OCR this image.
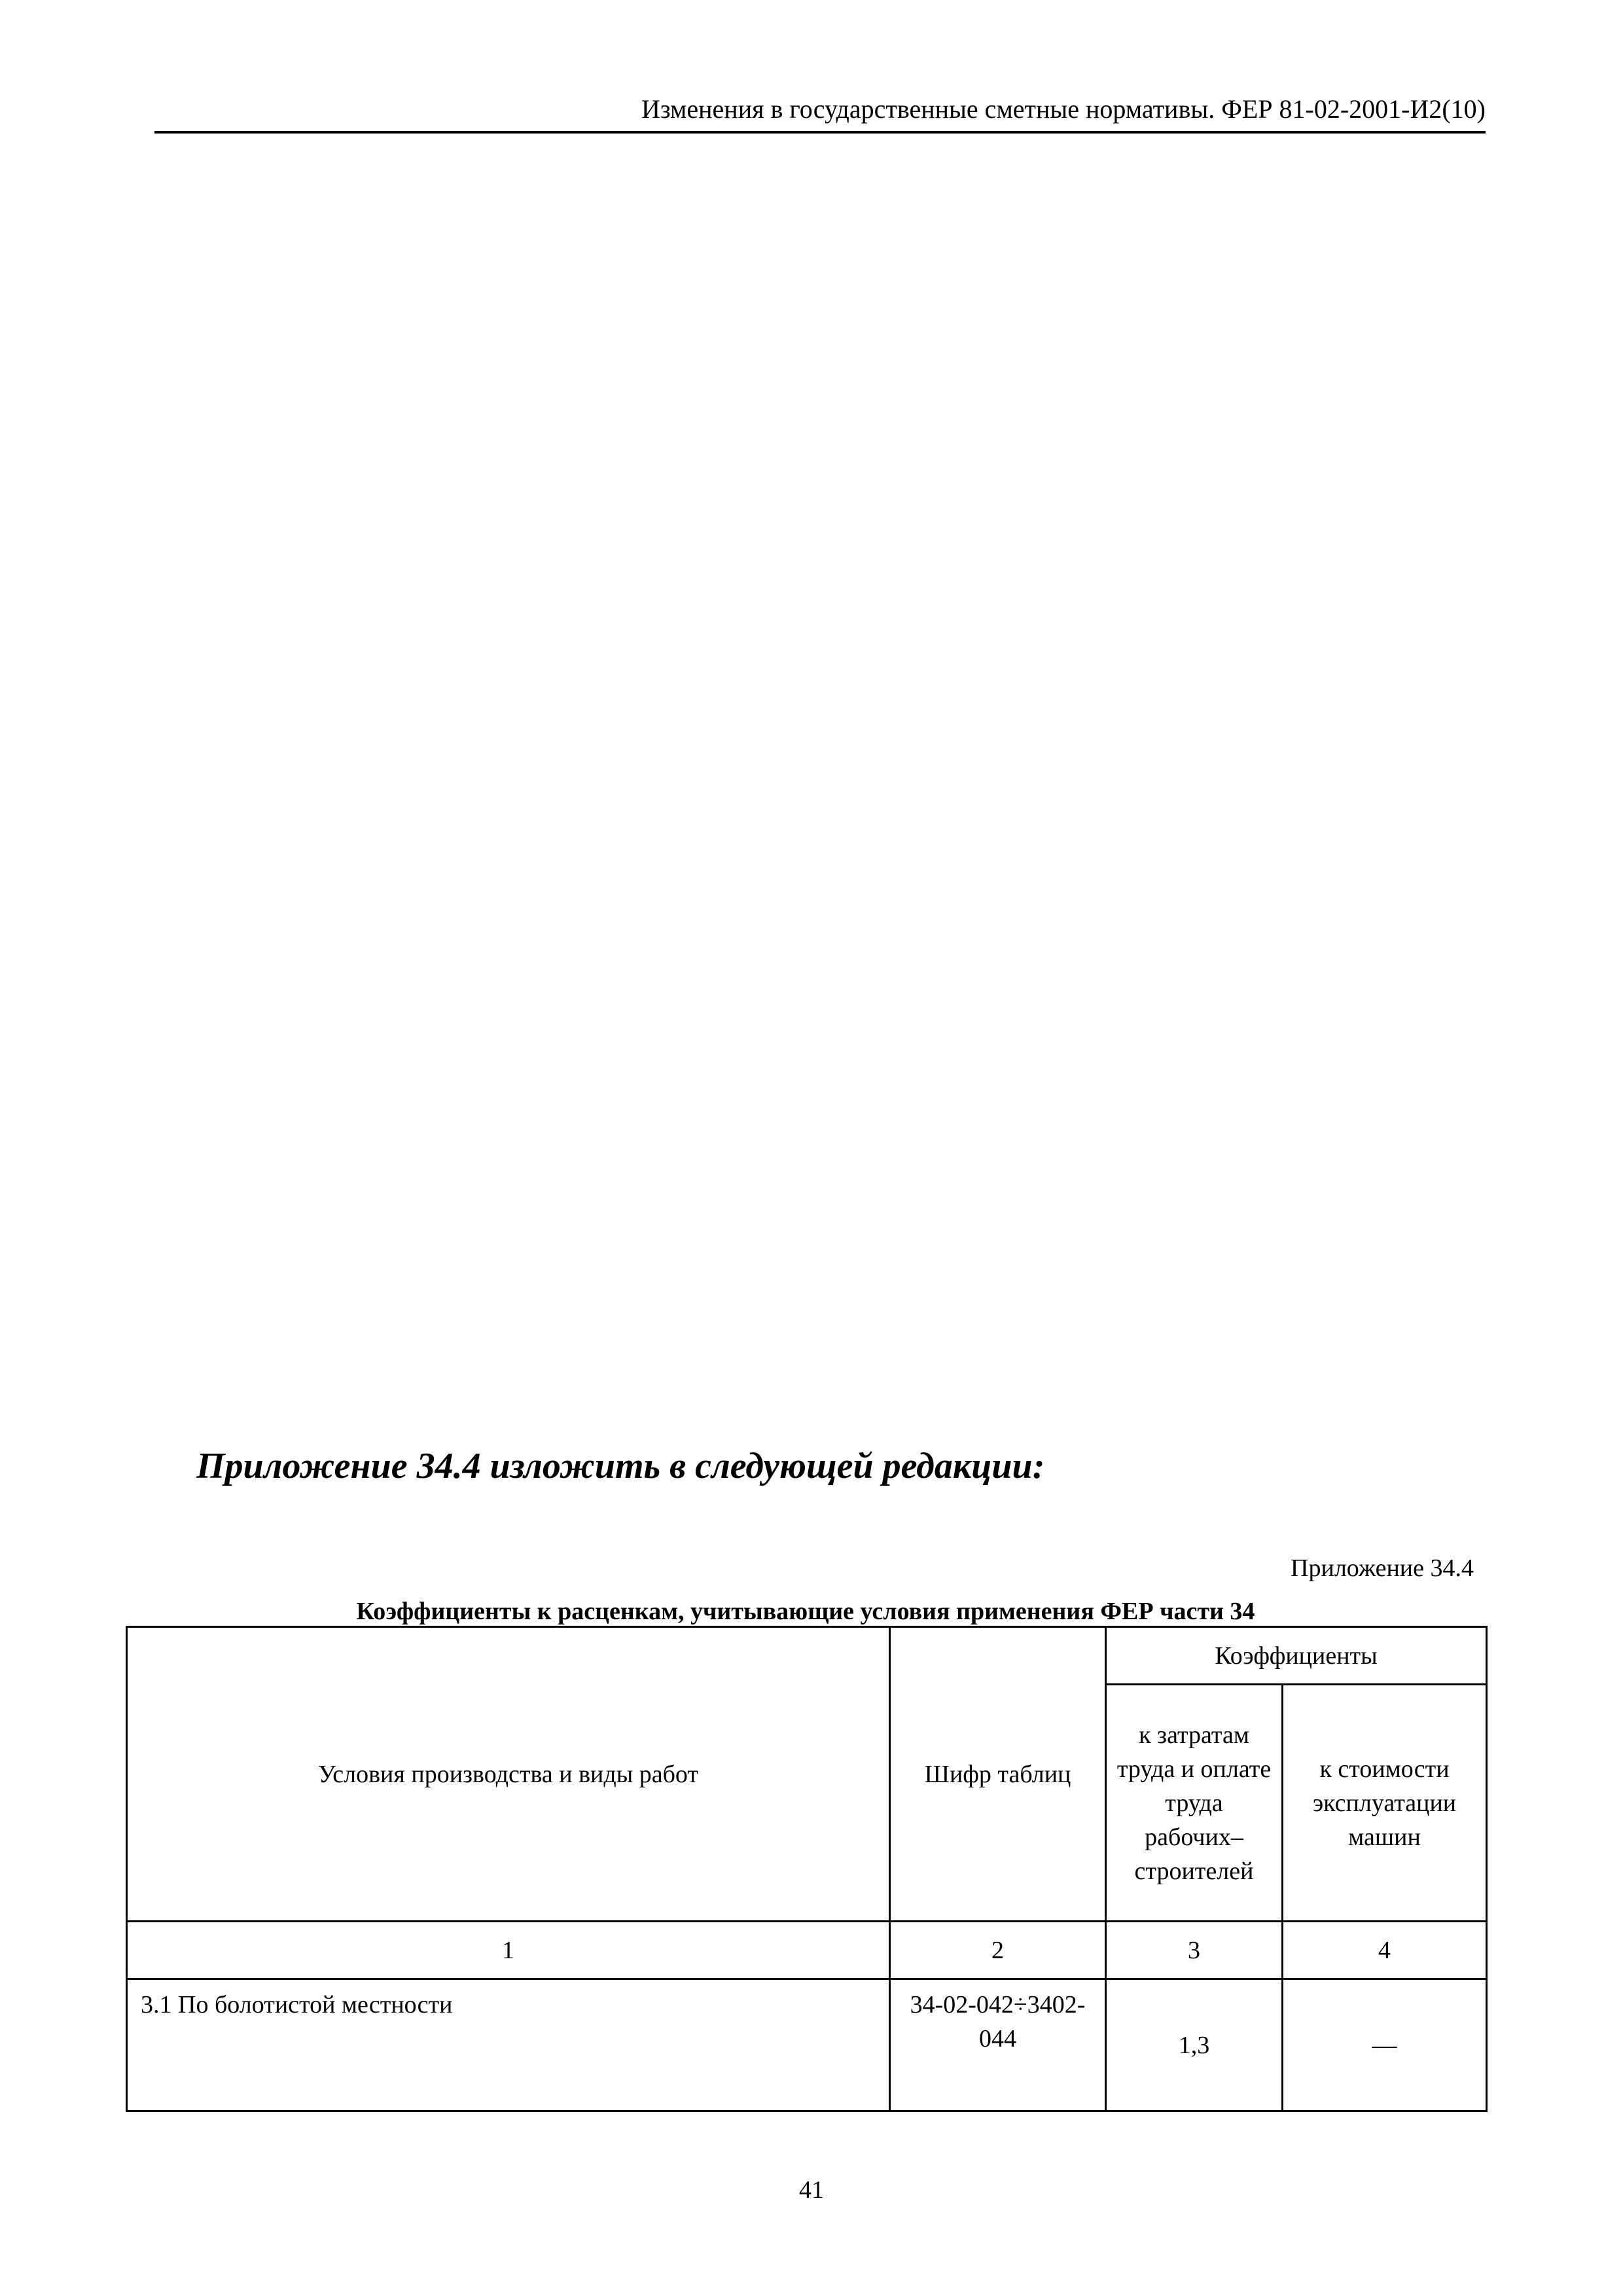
Изменения в государственные сметные нормативы. ФЕР 81-02-2001-И2(10)
Приложение 34.4 изложить в следующей редакции:
Приложение 34.4
Коэффициенты к расценкам, учитывающие условия применения ФЕР части 34
Условия производства и виды работ	Шифр таблиц	Коэффициенты	
		к затратам труда и оплате труда рабочих–строителей	к стоимости эксплуатации машин
1	2	3	4
3.1 По болотистой местности	34-02-042÷3402-044	1,3	—
41
